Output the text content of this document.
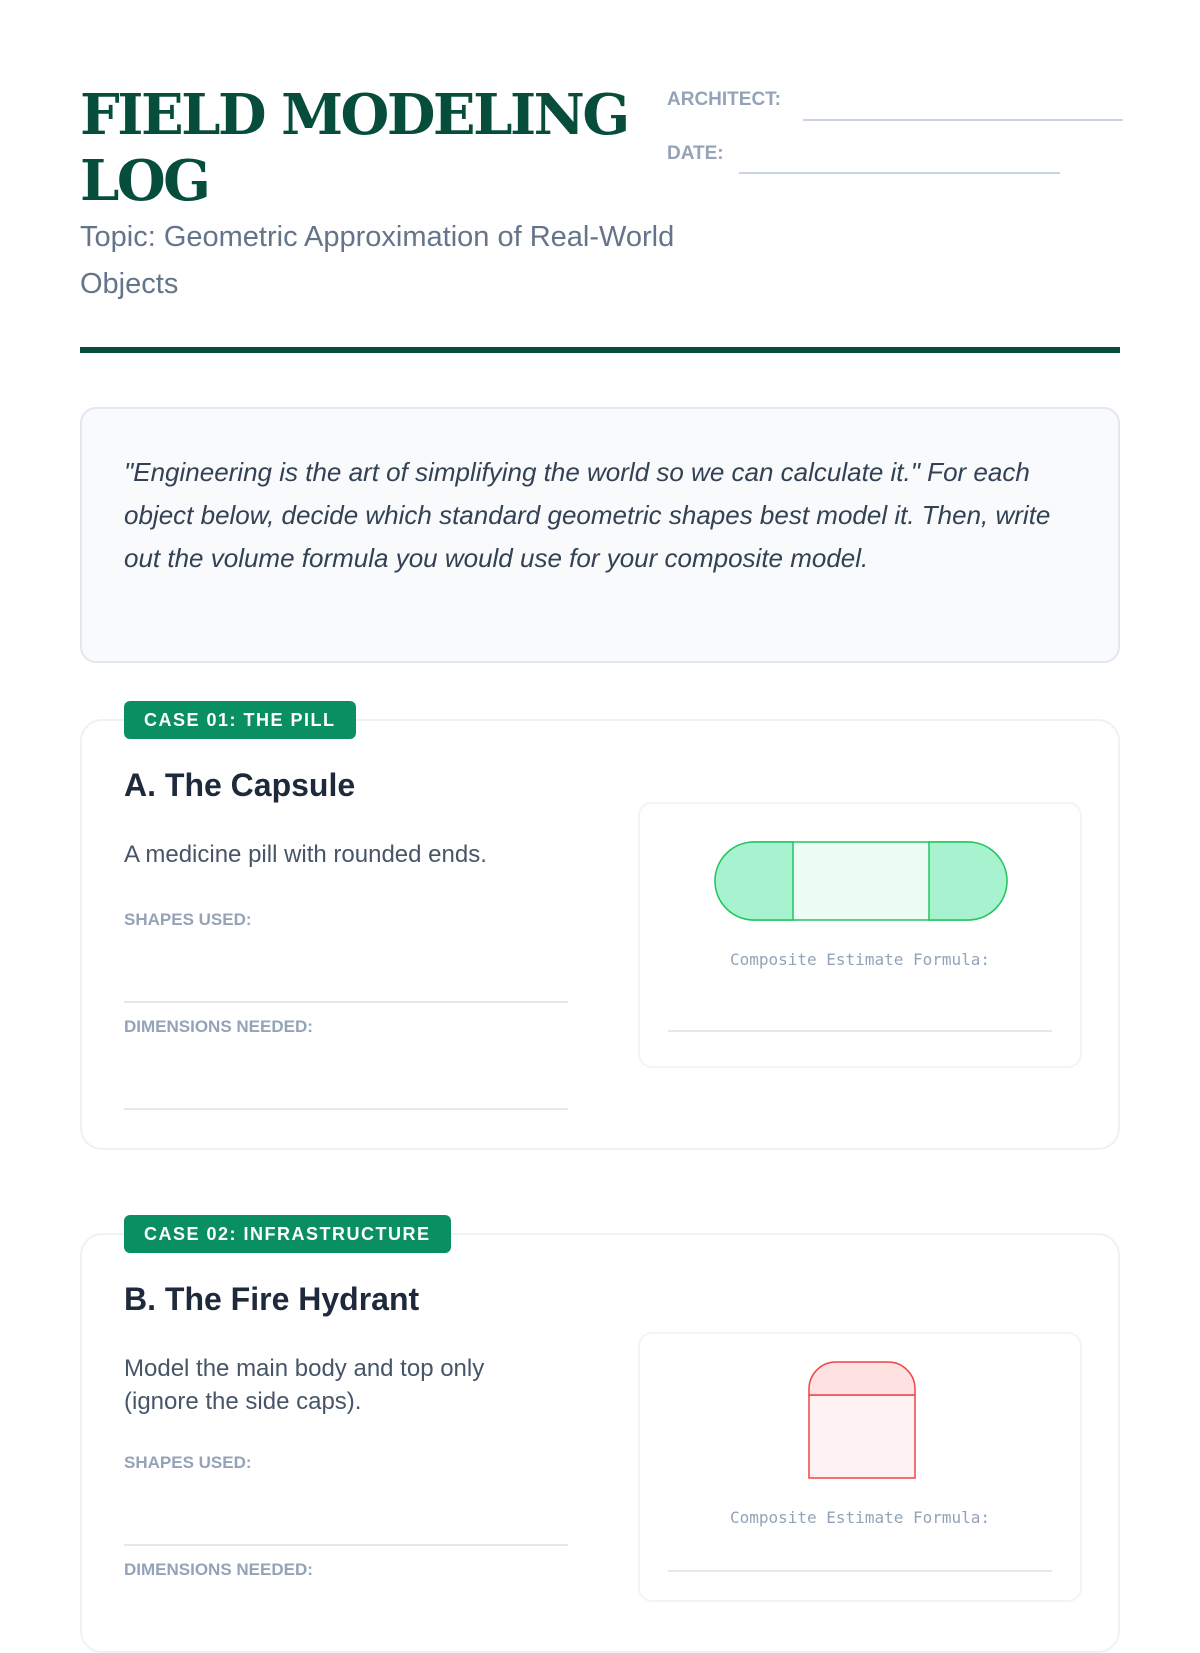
FIELD MODELING LOG
Topic: Geometric Approximation of Real-World Objects
ARCHITECT:
DATE:
"Engineering is the art of simplifying the world so we can calculate it." For each object below, decide which standard geometric shapes best model it. Then, write out the volume formula you would use for your composite model.
A. The Capsule
A medicine pill with rounded ends.
SHAPES USED:
DIMENSIONS NEEDED:
Composite Estimate Formula:
CASE 01: THE PILL
B. The Fire Hydrant
Model the main body and top only (ignore the side caps).
SHAPES USED:
DIMENSIONS NEEDED:
Composite Estimate Formula:
CASE 02: INFRASTRUCTURE
